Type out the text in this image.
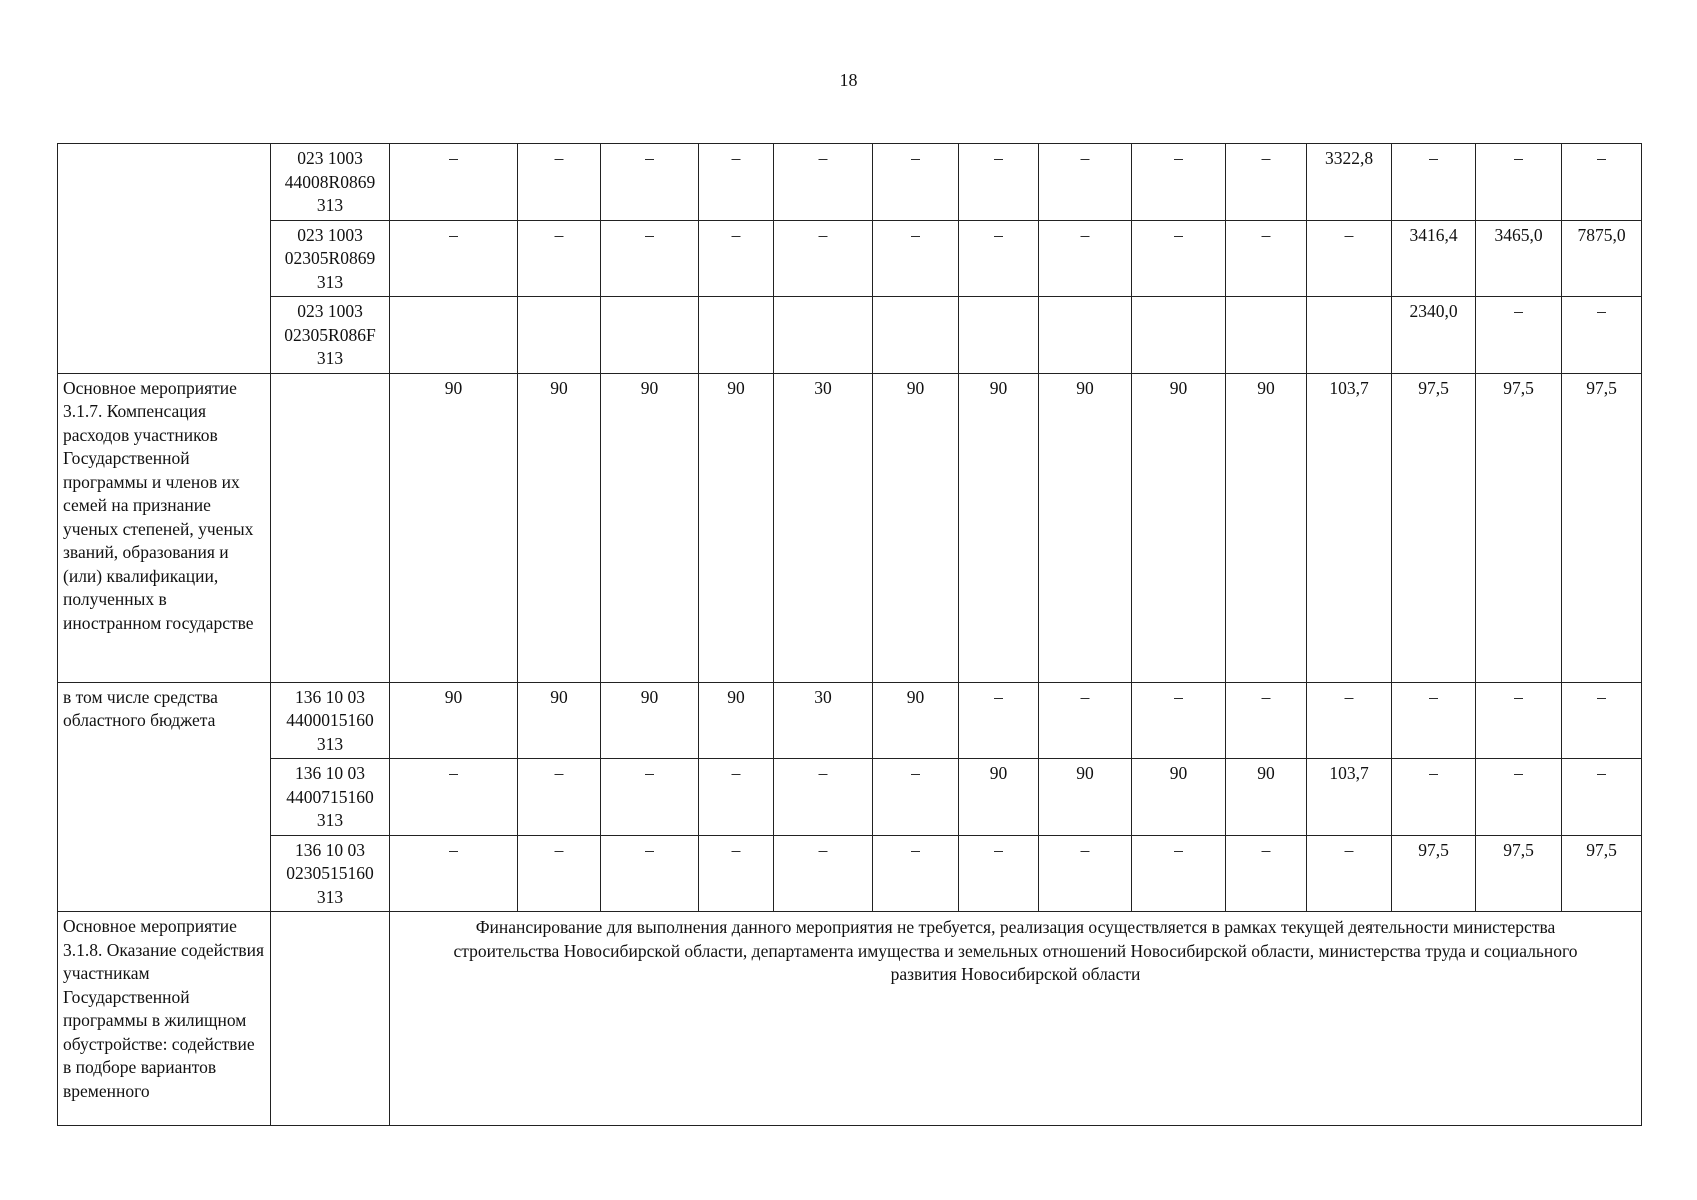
18
	023 1003
44008R0869
313	–	–	–	–	–	–	–	–	–	–	3322,8	–	–	–
	023 1003
02305R0869
313	–	–	–	–	–	–	–	–	–	–	–	3416,4	3465,0	7875,0
	023 1003
02305R086F
313												2340,0	–	–
Основное мероприятие 3.1.7. Компенсация расходов участников Государственной программы и членов их семей на признание ученых степеней, ученых званий, образования и (или) квалификации, полученных в иностранном государстве		90	90	90	90	30	90	90	90	90	90	103,7	97,5	97,5	97,5
в том числе средства областного бюджета	136 10 03
4400015160
313	90	90	90	90	30	90	–	–	–	–	–	–	–	–
	136 10 03
4400715160
313	–	–	–	–	–	–	90	90	90	90	103,7	–	–	–
	136 10 03
0230515160
313	–	–	–	–	–	–	–	–	–	–	–	97,5	97,5	97,5
Основное мероприятие 3.1.8. Оказание содействия участникам Государственной программы в жилищном обустройстве: содействие в подборе вариантов временного		Финансирование для выполнения данного мероприятия не требуется, реализация осуществляется в рамках текущей деятельности министерства строительства Новосибирской области, департамента имущества и земельных отношений Новосибирской области, министерства труда и социального развития Новосибирской области													
